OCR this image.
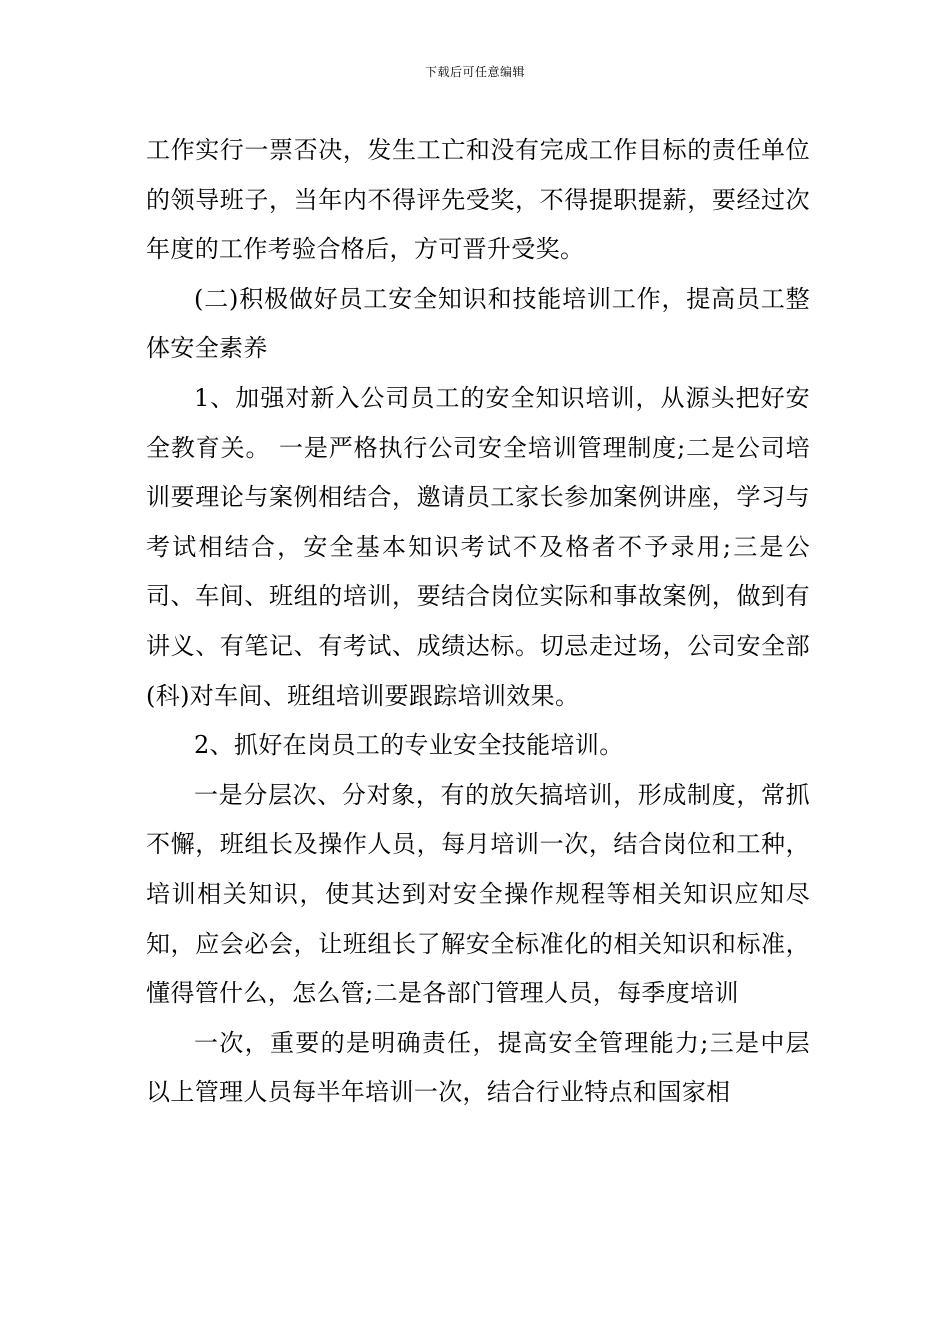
下载后可任意编辑

工作实行一票否决，发生工亡和没有完成工作目标的责任单位的领导班子，当年内不得评先受奖，不得提职提薪，要经过次年度的工作考验合格后，方可晋升受奖。

(二)积极做好员工安全知识和技能培训工作，提高员工整体安全素养

1、加强对新入公司员工的安全知识培训，从源头把好安全教育关。 一是严格执行公司安全培训管理制度;二是公司培训要理论与案例相结合，邀请员工家长参加案例讲座，学习与考试相结合，安全基本知识考试不及格者不予录用;三是公司、车间、班组的培训，要结合岗位实际和事故案例，做到有讲义、有笔记、有考试、成绩达标。切忌走过场，公司安全部(科)对车间、班组培训要跟踪培训效果。

2、抓好在岗员工的专业安全技能培训。

一是分层次、分对象，有的放矢搞培训，形成制度，常抓不懈，班组长及操作人员，每月培训一次，结合岗位和工种，培训相关知识，使其达到对安全操作规程等相关知识应知尽知，应会必会，让班组长了解安全标准化的相关知识和标准，懂得管什么，怎么管;二是各部门管理人员，每季度培训

一次，重要的是明确责任，提高安全管理能力;三是中层以上管理人员每半年培训一次，结合行业特点和国家相
